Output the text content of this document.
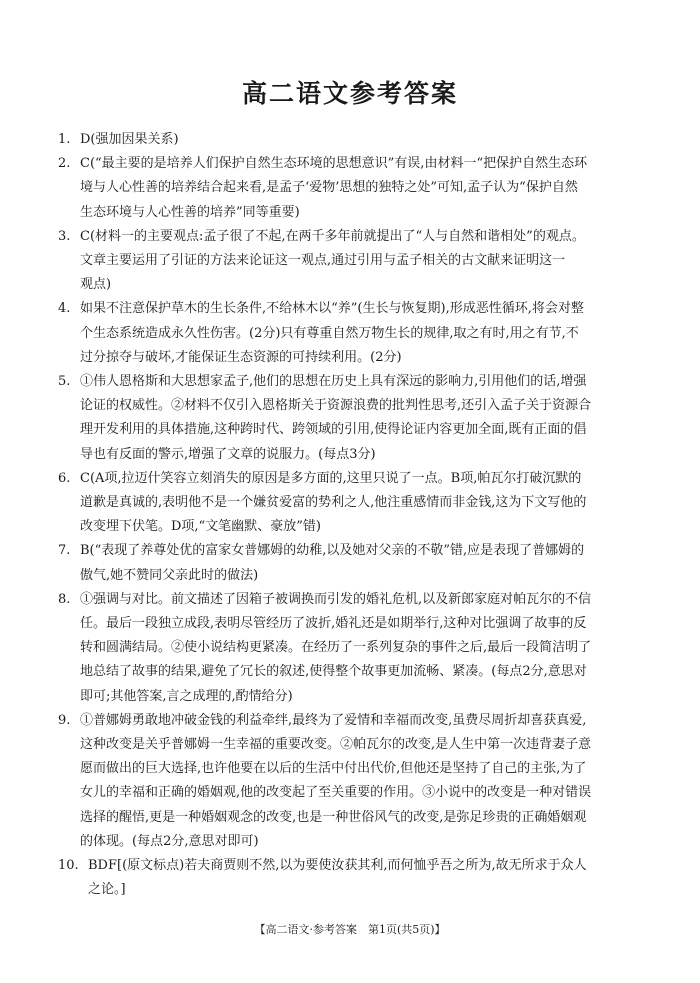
高二语文参考答案
1. D(强加因果关系)
2. C(“最主要的是培养人们保护自然生态环境的思想意识”有误,由材料一“把保护自然生态环
境与人心性善的培养结合起来看,是孟子‘爱物’思想的独特之处”可知,孟子认为“保护自然
生态环境与人心性善的培养”同等重要)
3. C(材料一的主要观点:孟子很了不起,在两千多年前就提出了“人与自然和谐相处”的观点。
文章主要运用了引证的方法来论证这一观点,通过引用与孟子相关的古文献来证明这一
观点)
4. 如果不注意保护草木的生长条件,不给林木以“养”(生长与恢复期),形成恶性循环,将会对整
个生态系统造成永久性伤害。(2分)只有尊重自然万物生长的规律,取之有时,用之有节,不
过分掠夺与破坏,才能保证生态资源的可持续利用。(2分)
5. ①伟人恩格斯和大思想家孟子,他们的思想在历史上具有深远的影响力,引用他们的话,增强
论证的权威性。②材料不仅引入恩格斯关于资源浪费的批判性思考,还引入孟子关于资源合
理开发利用的具体措施,这种跨时代、跨领域的引用,使得论证内容更加全面,既有正面的倡
导也有反面的警示,增强了文章的说服力。(每点3分)
6. C(A项,拉迈什笑容立刻消失的原因是多方面的,这里只说了一点。B项,帕瓦尔打破沉默的
道歉是真诚的,表明他不是一个嫌贫爱富的势利之人,他注重感情而非金钱,这为下文写他的
改变埋下伏笔。D项,“文笔幽默、豪放”错)
7. B(“表现了养尊处优的富家女普娜姆的幼稚,以及她对父亲的不敬”错,应是表现了普娜姆的
傲气,她不赞同父亲此时的做法)
8. ①强调与对比。前文描述了因箱子被调换而引发的婚礼危机,以及新郎家庭对帕瓦尔的不信
任。最后一段独立成段,表明尽管经历了波折,婚礼还是如期举行,这种对比强调了故事的反
转和圆满结局。②使小说结构更紧凑。在经历了一系列复杂的事件之后,最后一段简洁明了
地总结了故事的结果,避免了冗长的叙述,使得整个故事更加流畅、紧凑。(每点2分,意思对
即可;其他答案,言之成理的,酌情给分)
9. ①普娜姆勇敢地冲破金钱的利益牵绊,最终为了爱情和幸福而改变,虽费尽周折却喜获真爱,
这种改变是关乎普娜姆一生幸福的重要改变。②帕瓦尔的改变,是人生中第一次违背妻子意
愿而做出的巨大选择,也许他要在以后的生活中付出代价,但他还是坚持了自己的主张,为了
女儿的幸福和正确的婚姻观,他的改变起了至关重要的作用。③小说中的改变是一种对错误
选择的醒悟,更是一种婚姻观念的改变,也是一种世俗风气的改变,是弥足珍贵的正确婚姻观
的体现。(每点2分,意思对即可)
10. BDF[(原文标点)若夫商贾则不然,以为要使汝获其利,而何恤乎吾之所为,故无所求于众人
之论。]
【高二语文·参考答案　第1页(共5页)】
